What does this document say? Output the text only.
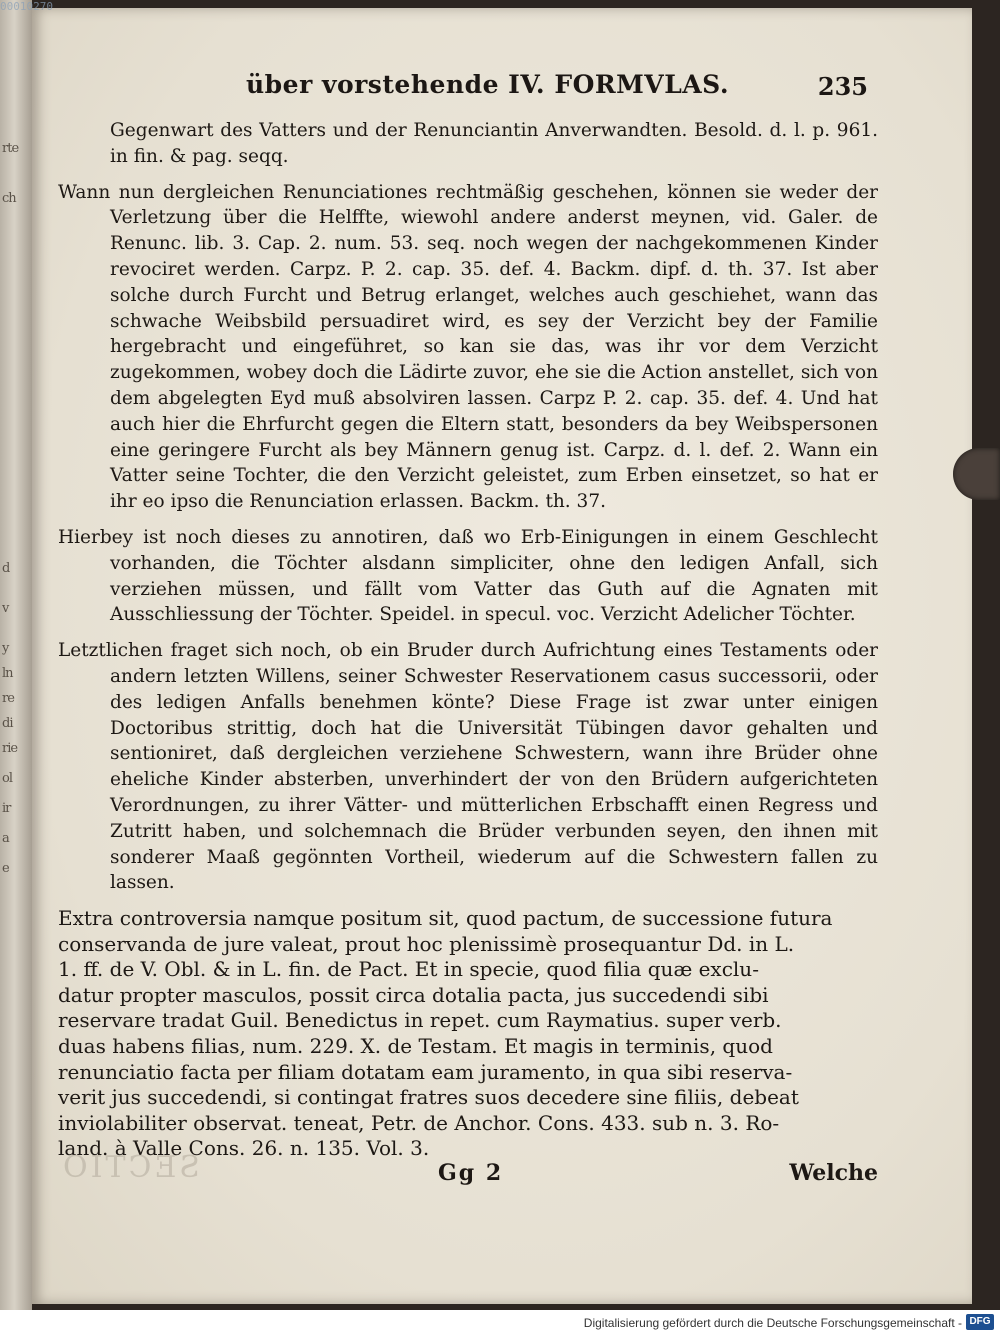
rte
ch
d
v
y
ln
re
di
rie
ol
ir
a
e
00010270
über vorstehende IV. FORMVLAS.	235

Gegenwart des Vatters und der Renunciantin Anverwandten. Besold. d. l. p. 961. in fin. & pag. seqq.

Wann nun dergleichen Renunciationes rechtmäßig geschehen, können sie weder der Verletzung über die Helffte, wiewohl andere anderst meynen, vid. Galer. de Renunc. lib. 3. Cap. 2. num. 53. seq. noch wegen der nachgekommenen Kinder revociret werden. Carpz. P. 2. cap. 35. def. 4. Backm. dipf. d. th. 37. Ist aber solche durch Furcht und Betrug erlanget, welches auch geschiehet, wann das schwache Weibsbild persuadiret wird, es sey der Verzicht bey der Familie hergebracht und eingeführet, so kan sie das, was ihr vor dem Verzicht zugekommen, wobey doch die Lädirte zuvor, ehe sie die Action anstellet, sich von dem abgelegten Eyd muß absolviren lassen. Carpz P. 2. cap. 35. def. 4. Und hat auch hier die Ehrfurcht gegen die Eltern statt, besonders da bey Weibspersonen eine geringere Furcht als bey Männern genug ist. Carpz. d. l. def. 2. Wann ein Vatter seine Tochter, die den Verzicht geleistet, zum Erben einsetzet, so hat er ihr eo ipso die Renunciation erlassen. Backm. th. 37.

Hierbey ist noch dieses zu annotiren, daß wo Erb-Einigungen in einem Geschlecht vorhanden, die Töchter alsdann simpliciter, ohne den ledigen Anfall, sich verziehen müssen, und fällt vom Vatter das Guth auf die Agnaten mit Ausschliessung der Töchter. Speidel. in specul. voc. Verzicht Adelicher Töchter.

Letztlichen fraget sich noch, ob ein Bruder durch Aufrichtung eines Testaments oder andern letzten Willens, seiner Schwester Reservationem casus successorii, oder des ledigen Anfalls benehmen könte? Diese Frage ist zwar unter einigen Doctoribus strittig, doch hat die Universität Tübingen davor gehalten und sentioniret, daß dergleichen verziehene Schwestern, wann ihre Brüder ohne eheliche Kinder absterben, unverhindert der von den Brüdern aufgerichteten Verordnungen, zu ihrer Vätter- und mütterlichen Erbschafft einen Regress und Zutritt haben, und solchemnach die Brüder verbunden seyen, den ihnen mit sonderer Maaß gegönnten Vortheil, wiederum auf die Schwestern fallen zu lassen.

Extra controversia namque positum sit, quod pactum, de successione futura
conservanda de jure valeat, prout hoc plenissimè prosequantur Dd. in L.
1. ff. de V. Obl. & in L. fin. de Pact. Et in specie, quod filia quæ exclu-
datur propter masculos, possit circa dotalia pacta, jus succedendi sibi
reservare tradat Guil. Benedictus in repet. cum Raymatius. super verb.
duas habens filias, num. 229. X. de Testam. Et magis in terminis, quod
renunciatio facta per filiam dotatam eam juramento, in qua sibi reserva-
verit jus succedendi, si contingat fratres suos decedere sine filiis, debeat
inviolabiliter observat. teneat, Petr. de Anchor. Cons. 433. sub n. 3. Ro-
land. à Valle Cons. 26. n. 135. Vol. 3.

SECTIO	Gg 2	Welche
Digitalisierung gefördert durch die Deutsche Forschungsgemeinschaft - DFG
